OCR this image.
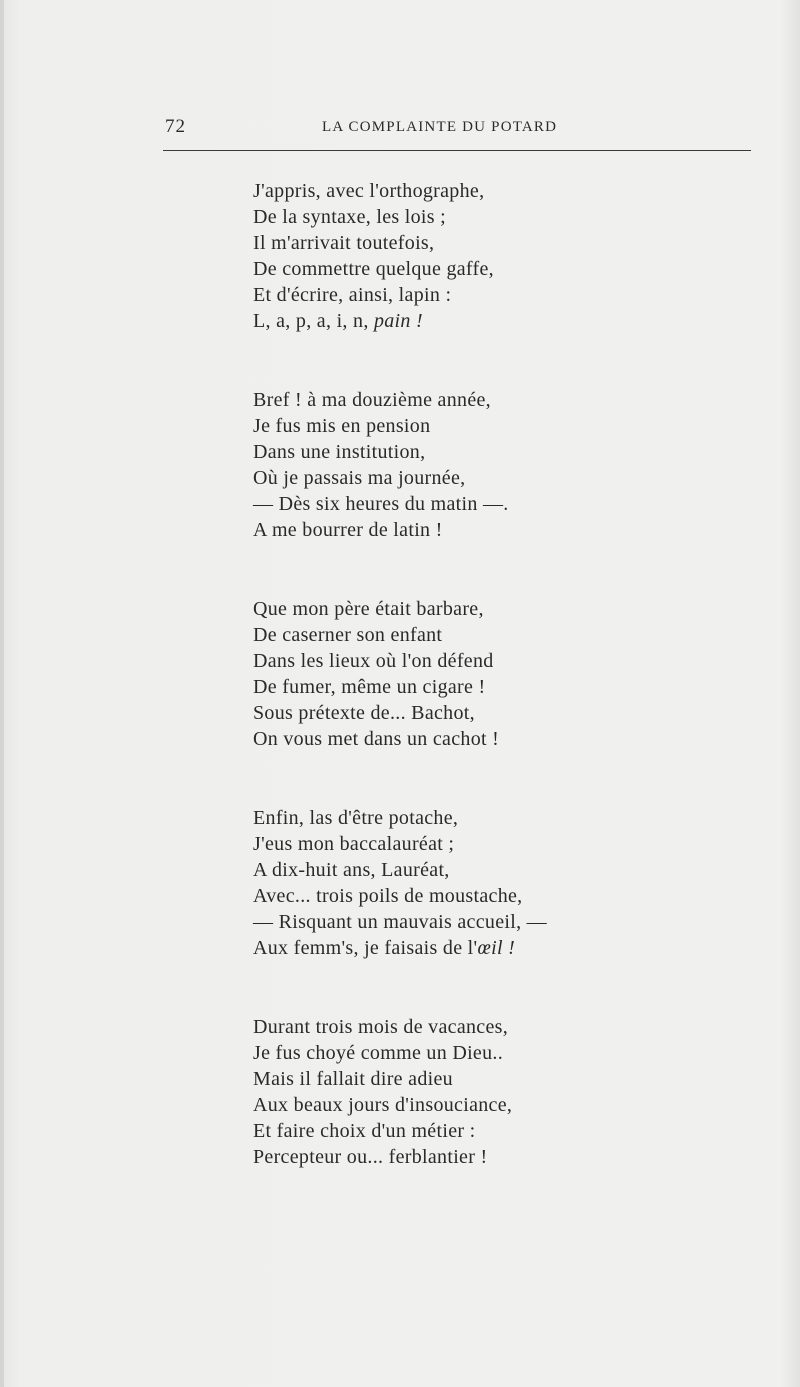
72	LA COMPLAINTE DU POTARD
J'appris, avec l'orthographe,
De la syntaxe, les lois ;
Il m'arrivait toutefois,
De commettre quelque gaffe,
Et d'écrire, ainsi, lapin :
L, a, p, a, i, n, pain !
Bref ! à ma douzième année,
Je fus mis en pension
Dans une institution,
Où je passais ma journée,
— Dès six heures du matin —.
A me bourrer de latin !
Que mon père était barbare,
De caserner son enfant
Dans les lieux où l'on défend
De fumer, même un cigare !
Sous prétexte de... Bachot,
On vous met dans un cachot !
Enfin, las d'être potache,
J'eus mon baccalauréat ;
A dix-huit ans, Lauréat,
Avec... trois poils de moustache,
— Risquant un mauvais accueil, —
Aux femm's, je faisais de l'œil !
Durant trois mois de vacances,
Je fus choyé comme un Dieu..
Mais il fallait dire adieu
Aux beaux jours d'insouciance,
Et faire choix d'un métier :
Percepteur ou... ferblantier !
